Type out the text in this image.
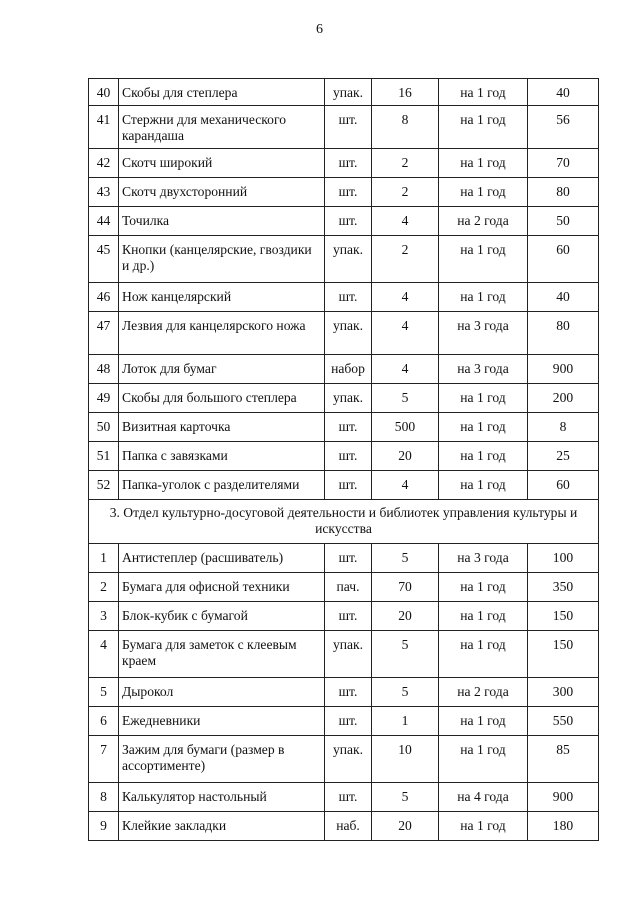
6
40	Скобы для степлера	упак.	16	на 1 год	40
41	Стержни для механического карандаша	шт.	8	на 1 год	56
42	Скотч широкий	шт.	2	на 1 год	70
43	Скотч двухсторонний	шт.	2	на 1 год	80
44	Точилка	шт.	4	на 2 года	50
45	Кнопки (канцелярские, гвоздики и др.)	упак.	2	на 1 год	60
46	Нож канцелярский	шт.	4	на 1 год	40
47	Лезвия для канцелярского ножа	упак.	4	на 3 года	80
48	Лоток для бумаг	набор	4	на 3 года	900
49	Скобы для большого степлера	упак.	5	на 1 год	200
50	Визитная карточка	шт.	500	на 1 год	8
51	Папка с завязками	шт.	20	на 1 год	25
52	Папка-уголок с разделителями	шт.	4	на 1 год	60
3. Отдел культурно-досуговой деятельности и библиотек управления культуры и искусства					
1	Антистеплер (расшиватель)	шт.	5	на 3 года	100
2	Бумага для офисной техники	пач.	70	на 1 год	350
3	Блок-кубик с бумагой	шт.	20	на 1 год	150
4	Бумага для заметок с клеевым краем	упак.	5	на 1 год	150
5	Дырокол	шт.	5	на 2 года	300
6	Ежедневники	шт.	1	на 1 год	550
7	Зажим для бумаги (размер в ассортименте)	упак.	10	на 1 год	85
8	Калькулятор настольный	шт.	5	на 4 года	900
9	Клейкие закладки	наб.	20	на 1 год	180
